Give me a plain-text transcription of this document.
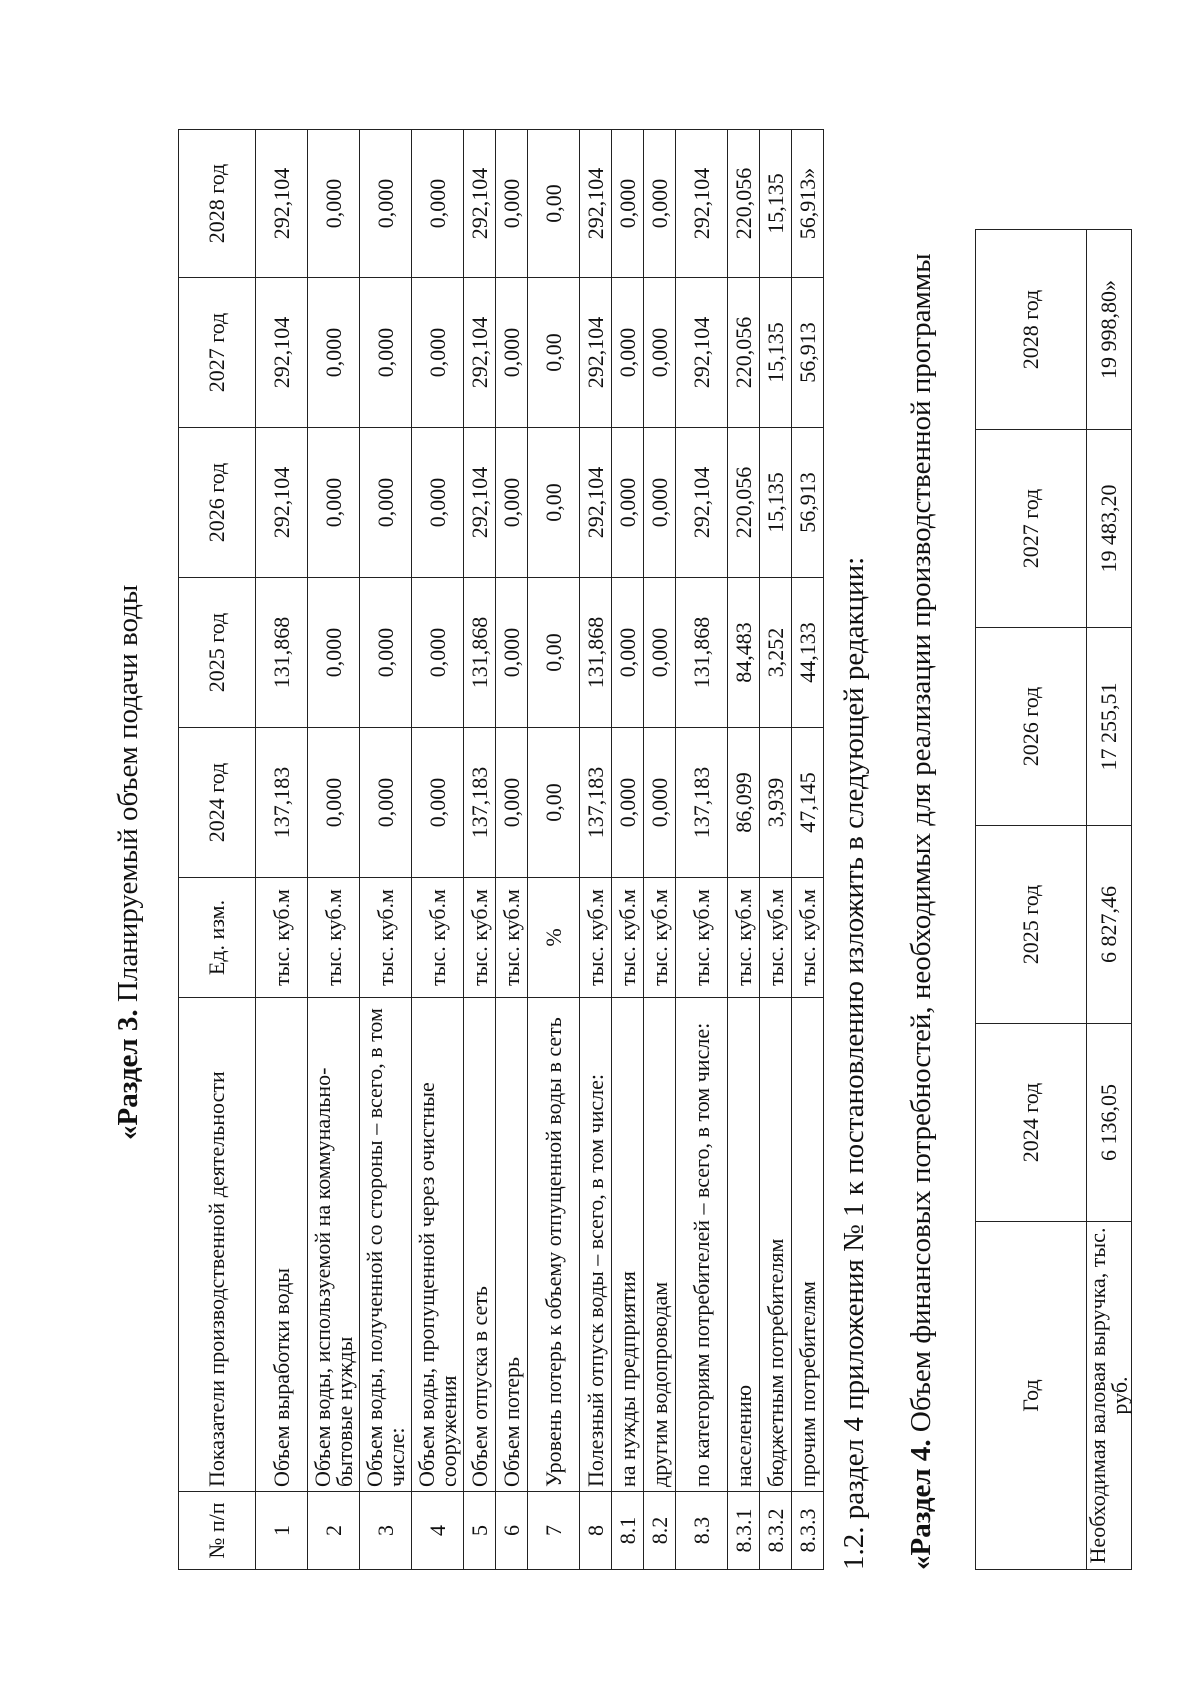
«Раздел 3. Планируемый объем подачи воды
№ п/п	Показатели производственной деятельности	Ед. изм.	2024 год	2025 год	2026 год	2027 год	2028 год
1	Объем выработки воды	тыс. куб.м	137,183	131,868	292,104	292,104	292,104
2	Объем воды, используемой на коммунально-бытовые нужды	тыс. куб.м	0,000	0,000	0,000	0,000	0,000
3	Объем воды, полученной со стороны – всего, в том числе:	тыс. куб.м	0,000	0,000	0,000	0,000	0,000
4	Объем воды, пропущенной через очистные сооружения	тыс. куб.м	0,000	0,000	0,000	0,000	0,000
5	Объем отпуска в сеть	тыс. куб.м	137,183	131,868	292,104	292,104	292,104
6	Объем потерь	тыс. куб.м	0,000	0,000	0,000	0,000	0,000
7	Уровень потерь к объему отпущенной воды в сеть	%	0,00	0,00	0,00	0,00	0,00
8	Полезный отпуск воды – всего, в том числе:	тыс. куб.м	137,183	131,868	292,104	292,104	292,104
8.1	на нужды предприятия	тыс. куб.м	0,000	0,000	0,000	0,000	0,000
8.2	другим водопроводам	тыс. куб.м	0,000	0,000	0,000	0,000	0,000
8.3	по категориям потребителей – всего, в том числе:	тыс. куб.м	137,183	131,868	292,104	292,104	292,104
8.3.1	населению	тыс. куб.м	86,099	84,483	220,056	220,056	220,056
8.3.2	бюджетным потребителям	тыс. куб.м	3,939	3,252	15,135	15,135	15,135
8.3.3	прочим потребителям	тыс. куб.м	47,145	44,133	56,913	56,913	56,913»
1.2. раздел 4 приложения № 1 к постановлению изложить в следующей редакции: «Раздел 4. Объем финансовых потребностей, необходимых для реализации производственной программы	Год	2024 год	2025 год	2026 год	2027 год	2028 год
Необходимая валовая выручка, тыс. руб.	6 136,05	6 827,46	17 255,51	19 483,20	19 998,80»
